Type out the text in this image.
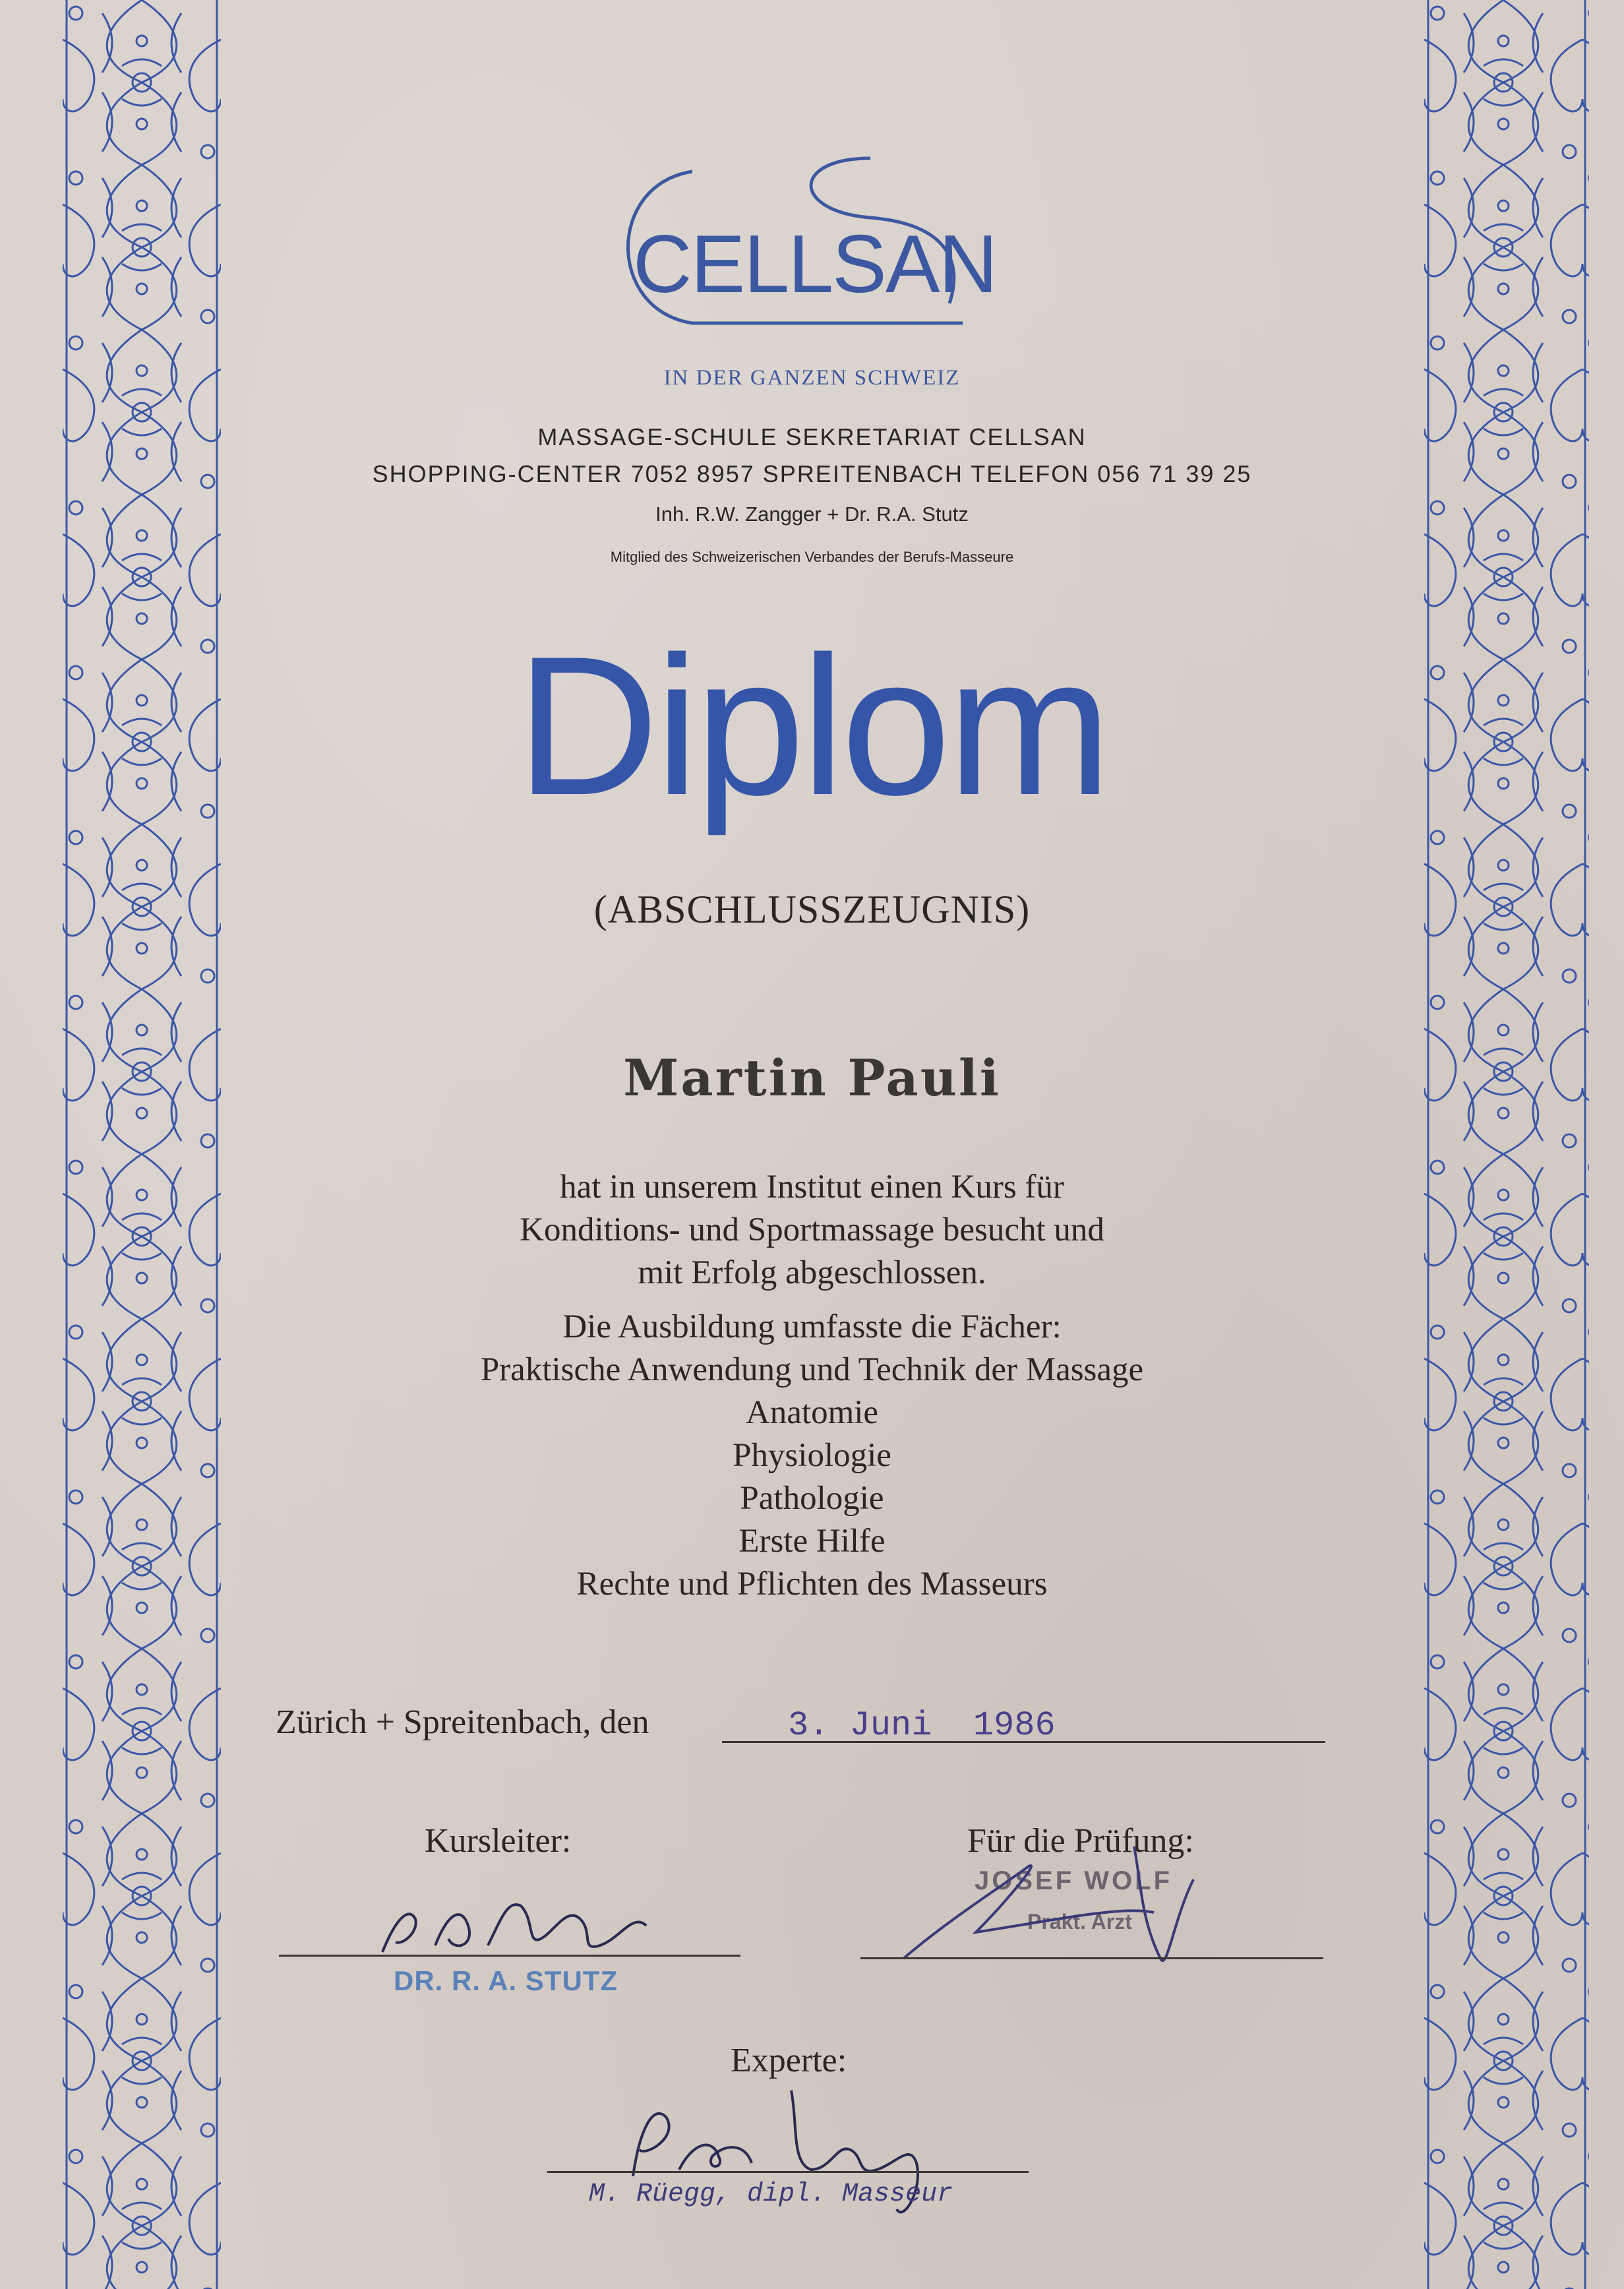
CELLSAN
IN DER GANZEN SCHWEIZ
MASSAGE-SCHULE SEKRETARIAT CELLSAN
SHOPPING-CENTER 7052 8957 SPREITENBACH TELEFON 056 71 39 25
Inh. R.W. Zangger + Dr. R.A. Stutz
Mitglied des Schweizerischen Verbandes der Berufs-Masseure
Diplom
(ABSCHLUSSZEUGNIS)
Martin Pauli
hat in unserem Institut einen Kurs für
Konditions- und Sportmassage besucht und
mit Erfolg abgeschlossen.
Die Ausbildung umfasste die Fächer:
Praktische Anwendung und Technik der Massage
Anatomie
Physiologie
Pathologie
Erste Hilfe
Rechte und Pflichten des Masseurs
Zürich + Spreitenbach, den	3. Juni  1986
Kursleiter:	Für die Prüfung:
DR. R. A. STUTZ
JOSEF WOLF
Prakt. Arzt
Experte:
M. Rüegg, dipl. Masseur
